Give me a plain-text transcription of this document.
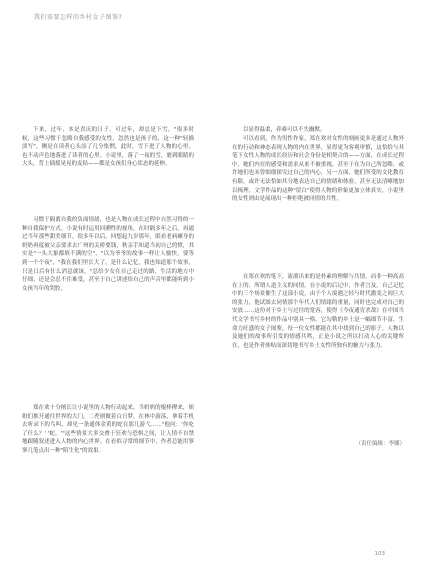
我们需要怎样的乡村女子图鉴?
下来，过年，本是喜庆的日子，可过年，却总是下雪，"很多时候，这些习惯于忽略自我感受的女性，忽然也是孩子的，这一种"轻描淡写"，侧是在读者心头添了几分怅惘，此时，雪下进了人物的心里，也不动声色地落进了读者的心里。小说里，落了一夜的雪，裹到眼睛的大头，背上插摇晃晃的麦秸——都是女孩们身心状态的延伸。
习惯于隔离自我的负面情绪，也是人物在成长过程中自然习得的一种自我保护方式。小说有时运用回溯性的视角，在时隔多年之后，再通过当年那些甜美细节，很多年以后，回想起九岁那年，眼看老病瘫身的奶奶再度被父亲要求去广州的关桥要钱，秋亲手知道当初自己的愤，其实是"一头大象都填不满的空"，"以为爷爷的故事一样让人愉快，要等到一个个夜"，"我在我们里长大了，是什么记忆，我也知道那个故事，只是日后有什么消息就该。"总给少女在自己走过的路、生活的地方中仔细，还是会忍不住难受，甚至于自己讲述给自己的声音里都能听到小女孩当年的哭腔。
郑在欢十分擅长让小说里的人物行动起来，当奶奶的棍棒撵来，姐姐们推开通往世界的大门，二秃则做着白日梦，在林中游荡，拿着手机去听录下的鸟叫，却见一条通体金黄的蛇在那儿游弋……"他问：'你吃了什么？' '蛇。'"这些情景大多交叠于狂欢与恐惧之间，让人情不自禁地跟随叙述进入人物的内心世界。在看似寻常的细节中，作者总能用寥寥几笔点出一种"陌生化"的效果。
以显得温柔，养难可以不失幽默。
可以看到，作为男性作家，郑在欢对女性的刻画更多是通过人物外在的行动和神态表现人物的内在世界，显得更为客观审慎，这恰恰与其笔下女性人物的成长经历和社会身份是相契合的——方面，在成长过程中，她们内在的感受和需求从来不被重视，甚至于在为自己所忽略。或许她们也未曾细细探究过自己的内心，另一方面，她们所受的文化教育有限，或许无法恰如其分地表达自己的情绪和体验，甚至无法清晰地加以梳理。文学作品的这种"留白"使得人物的形象更加立体真实，小说里的女性则由是展现出一种拒绝被同情的共性。
在郑在欢的笔下，流淌出来的是朴素的理解与共情，而非一种高高在上的、所谓人道主义的同情。在小说的后记中，作者言及，自己记忆中的三个场景催生了这部小说，由于个人境遇之轻与时代激变之间巨大的张力，他试图去同情那个年代人们情绪的重量，同时也完成对自己的安放……这份对于乡土与过往的宽容，使得《今夜通宵杀敌》在中国当代文学书写乡村的作品中别具一格。它勾勒的乡土是一幅细节丰富、生命力旺盛的女子图鉴，每一位女性都能在其中找到自己的影子。人物以及她们的故事所引发的情感共鸣，正是小说之所以打动人心的关键所在，也是作者体贴而深切地书写乡土女性所独有的魅力与张力。
（责任编辑：李娜）
103
